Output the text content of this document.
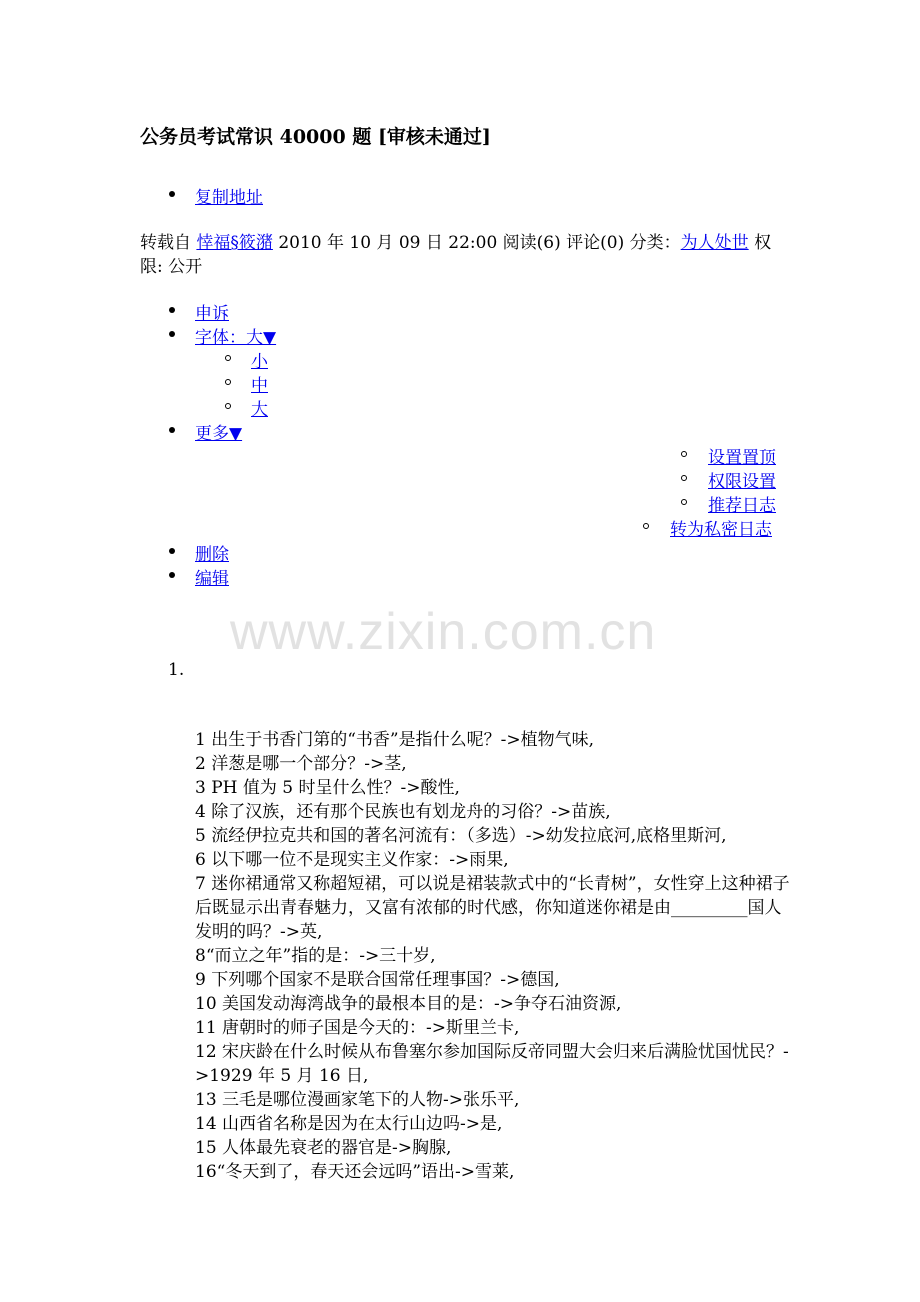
公务员考试常识 40000 题 [审核未通过]
复制地址
转载自 悻福§筱潴 2010 年 10 月 09 日 22:00 阅读(6) 评论(0) 分类：为人处世 权限: 公开
申诉
字体：大▼
小
中
大
更多▼
设置置顶
权限设置
推荐日志
转为私密日志
删除
编辑
www.zixin.com.cn
1.
1 出生于书香门第的“书香”是指什么呢？->植物气味,
2 洋葱是哪一个部分？->茎,
3 PH 值为 5 时呈什么性？->酸性,
4 除了汉族，还有那个民族也有划龙舟的习俗？->苗族,
5 流经伊拉克共和国的著名河流有：（多选）->幼发拉底河,底格里斯河,
6 以下哪一位不是现实主义作家：->雨果,
7 迷你裙通常又称超短裙，可以说是裙装款式中的“长青树”，女性穿上这种裙子后既显示出青春魅力，又富有浓郁的时代感，你知道迷你裙是由_________国人发明的吗？->英,
8“而立之年”指的是：->三十岁,
9 下列哪个国家不是联合国常任理事国？->德国,
10 美国发动海湾战争的最根本目的是：->争夺石油资源,
11 唐朝时的师子国是今天的：->斯里兰卡,
12 宋庆龄在什么时候从布鲁塞尔参加国际反帝同盟大会归来后满脸忧国忧民？->1929 年 5 月 16 日,
13 三毛是哪位漫画家笔下的人物->张乐平,
14 山西省名称是因为在太行山边吗->是,
15 人体最先衰老的器官是->胸腺,
16“冬天到了，春天还会远吗”语出->雪莱,
